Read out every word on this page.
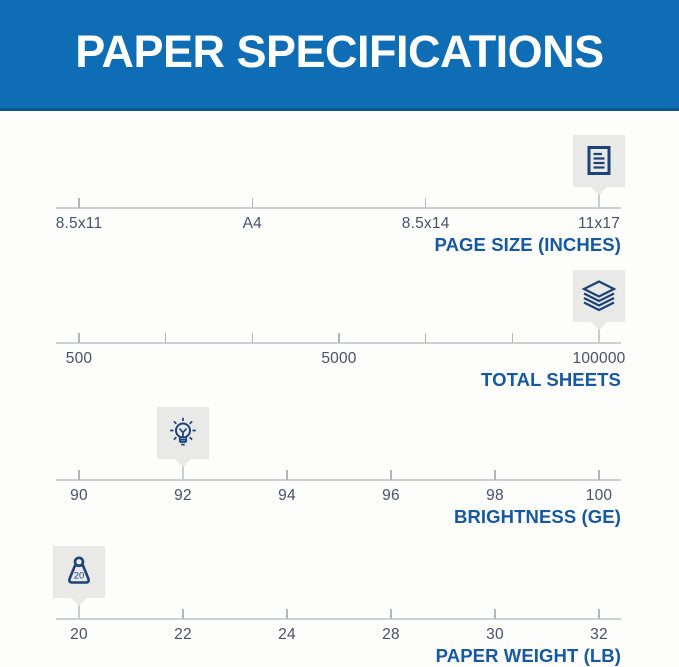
PAPER SPECIFICATIONS
8.5x11	A4	8.5x14	11x17
PAGE SIZE (INCHES)
500	5000	100000
TOTAL SHEETS
90	92	94	96	98	100
BRIGHTNESS (GE)
20	22	24	28	30	32
PAPER WEIGHT (LB)
20
